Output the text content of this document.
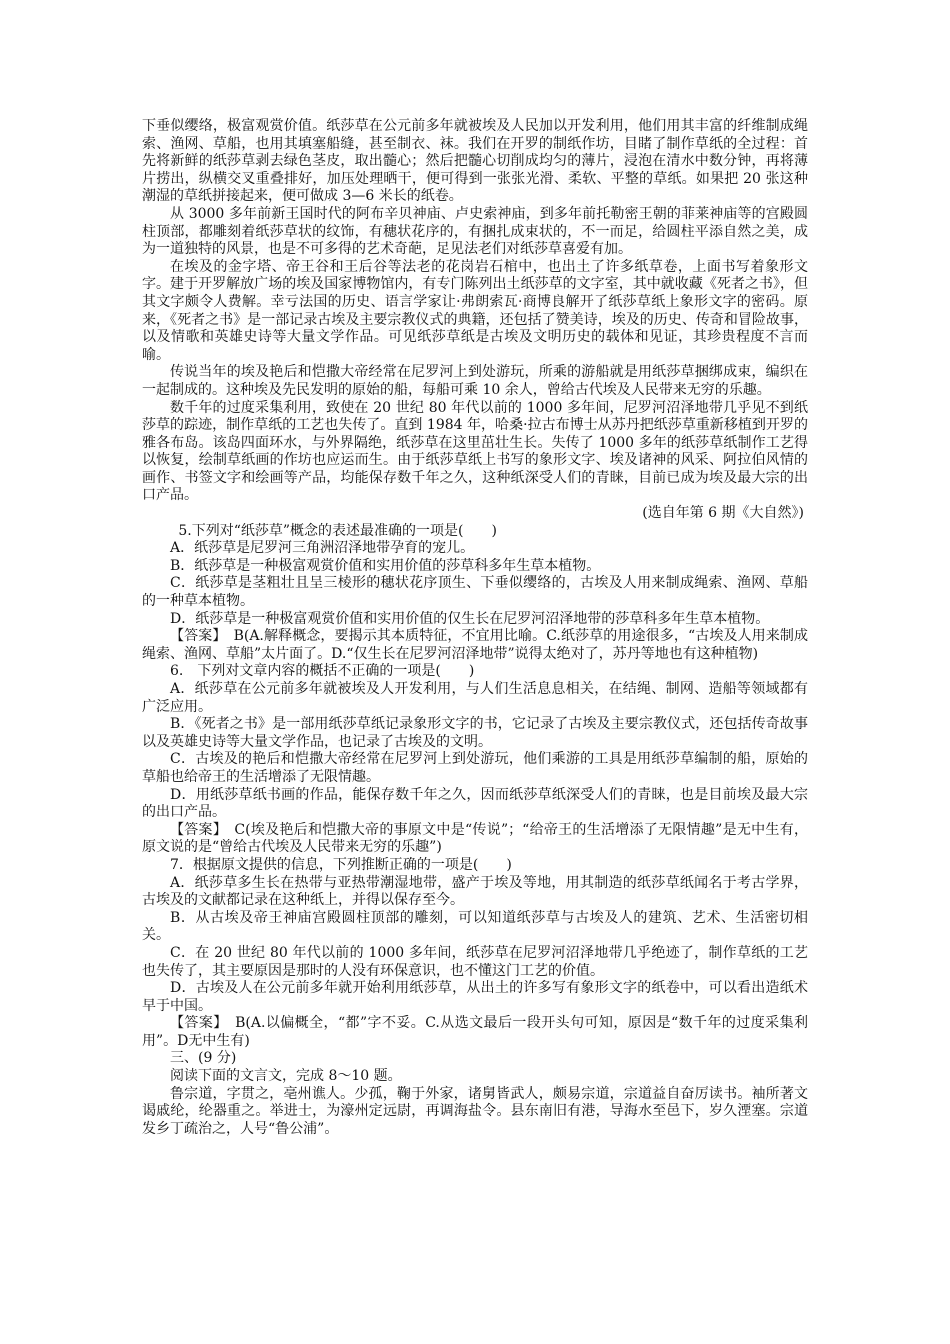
下垂似缨络，极富观赏价值。纸莎草在公元前多年就被埃及人民加以开发利用，他们用其丰富的纤维制成绳索、渔网、草船，也用其填塞船缝，甚至制衣、袜。我们在开罗的制纸作坊，目睹了制作草纸的全过程：首先将新鲜的纸莎草剥去绿色茎皮，取出髓心；然后把髓心切削成均匀的薄片，浸泡在清水中数分钟，再将薄片捞出，纵横交叉重叠排好，加压处理晒干，便可得到一张张光滑、柔软、平整的草纸。如果把 20 张这种潮湿的草纸拼接起来，便可做成 3—6 米长的纸卷。

从 3000 多年前新王国时代的阿布辛贝神庙、卢史索神庙，到多年前托勒密王朝的菲莱神庙等的宫殿圆柱顶部，都雕刻着纸莎草状的纹饰，有穗状花序的，有捆扎成束状的，不一而足，给圆柱平添自然之美，成为一道独特的风景，也是不可多得的艺术奇葩，足见法老们对纸莎草喜爱有加。

在埃及的金字塔、帝王谷和王后谷等法老的花岗岩石棺中，也出土了许多纸草卷，上面书写着象形文字。建于开罗解放广场的埃及国家博物馆内，有专门陈列出土纸莎草的文字室，其中就收藏《死者之书》，但其文字颇令人费解。幸亏法国的历史、语言学家让·弗朗索瓦·商博良解开了纸莎草纸上象形文字的密码。原来，《死者之书》是一部记录古埃及主要宗教仪式的典籍，还包括了赞美诗，埃及的历史、传奇和冒险故事，以及情歌和英雄史诗等大量文学作品。可见纸莎草纸是古埃及文明历史的载体和见证，其珍贵程度不言而喻。

传说当年的埃及艳后和恺撒大帝经常在尼罗河上到处游玩，所乘的游船就是用纸莎草捆绑成束，编织在一起制成的。这种埃及先民发明的原始的船，每船可乘 10 余人，曾给古代埃及人民带来无穷的乐趣。

数千年的过度采集利用，致使在 20 世纪 80 年代以前的 1000 多年间，尼罗河沼泽地带几乎见不到纸莎草的踪迹，制作草纸的工艺也失传了。直到 1984 年，哈桑·拉古布博士从苏丹把纸莎草重新移植到开罗的雅各布岛。该岛四面环水，与外界隔绝，纸莎草在这里茁壮生长。失传了 1000 多年的纸莎草纸制作工艺得以恢复，绘制草纸画的作坊也应运而生。由于纸莎草纸上书写的象形文字、埃及诸神的风采、阿拉伯风情的画作、书签文字和绘画等产品，均能保存数千年之久，这种纸深受人们的青睐，目前已成为埃及最大宗的出口产品。

(选自年第 6 期《大自然》)

5.下列对“纸莎草”概念的表述最准确的一项是(　　)

A．纸莎草是尼罗河三角洲沼泽地带孕育的宠儿。

B．纸莎草是一种极富观赏价值和实用价值的莎草科多年生草本植物。

C．纸莎草是茎粗壮且呈三棱形的穗状花序顶生、下垂似缨络的，古埃及人用来制成绳索、渔网、草船的一种草本植物。

D．纸莎草是一种极富观赏价值和实用价值的仅生长在尼罗河沼泽地带的莎草科多年生草本植物。

【答案】　B(A.解释概念，要揭示其本质特征，不宜用比喻。C.纸莎草的用途很多，“古埃及人用来制成绳索、渔网、草船”太片面了。D.“仅生长在尼罗河沼泽地带”说得太绝对了，苏丹等地也有这种植物)

6.　下列对文章内容的概括不正确的一项是(　　)

A．纸莎草在公元前多年就被埃及人开发利用，与人们生活息息相关，在结绳、制网、造船等领域都有广泛应用。

B．《死者之书》是一部用纸莎草纸记录象形文字的书，它记录了古埃及主要宗教仪式，还包括传奇故事以及英雄史诗等大量文学作品，也记录了古埃及的文明。

C．古埃及的艳后和恺撒大帝经常在尼罗河上到处游玩，他们乘游的工具是用纸莎草编制的船，原始的草船也给帝王的生活增添了无限情趣。

D．用纸莎草纸书画的作品，能保存数千年之久，因而纸莎草纸深受人们的青睐，也是目前埃及最大宗的出口产品。

【答案】　C(埃及艳后和恺撒大帝的事原文中是“传说”；“给帝王的生活增添了无限情趣”是无中生有，原文说的是“曾给古代埃及人民带来无穷的乐趣”)

7．根据原文提供的信息，下列推断正确的一项是(　　)

A．纸莎草多生长在热带与亚热带潮湿地带，盛产于埃及等地，用其制造的纸莎草纸闻名于考古学界，古埃及的文献都记录在这种纸上，并得以保存至今。

B．从古埃及帝王神庙宫殿圆柱顶部的雕刻，可以知道纸莎草与古埃及人的建筑、艺术、生活密切相关。

C．在 20 世纪 80 年代以前的 1000 多年间，纸莎草在尼罗河沼泽地带几乎绝迹了，制作草纸的工艺也失传了，其主要原因是那时的人没有环保意识，也不懂这门工艺的价值。

D．古埃及人在公元前多年就开始利用纸莎草，从出土的许多写有象形文字的纸卷中，可以看出造纸术早于中国。

【答案】　B(A.以偏概全，“都”字不妥。C.从选文最后一段开头句可知，原因是“数千年的过度采集利用”。D无中生有)

三、(9 分)

阅读下面的文言文，完成 8～10 题。

鲁宗道，字贯之，亳州谯人。少孤，鞠于外家，诸舅皆武人，颇易宗道，宗道益自奋厉读书。袖所著文谒戚纶，纶器重之。举进士，为濠州定远尉，再调海盐令。县东南旧有港，导海水至邑下，岁久湮塞。宗道发乡丁疏治之，人号“鲁公浦”。
